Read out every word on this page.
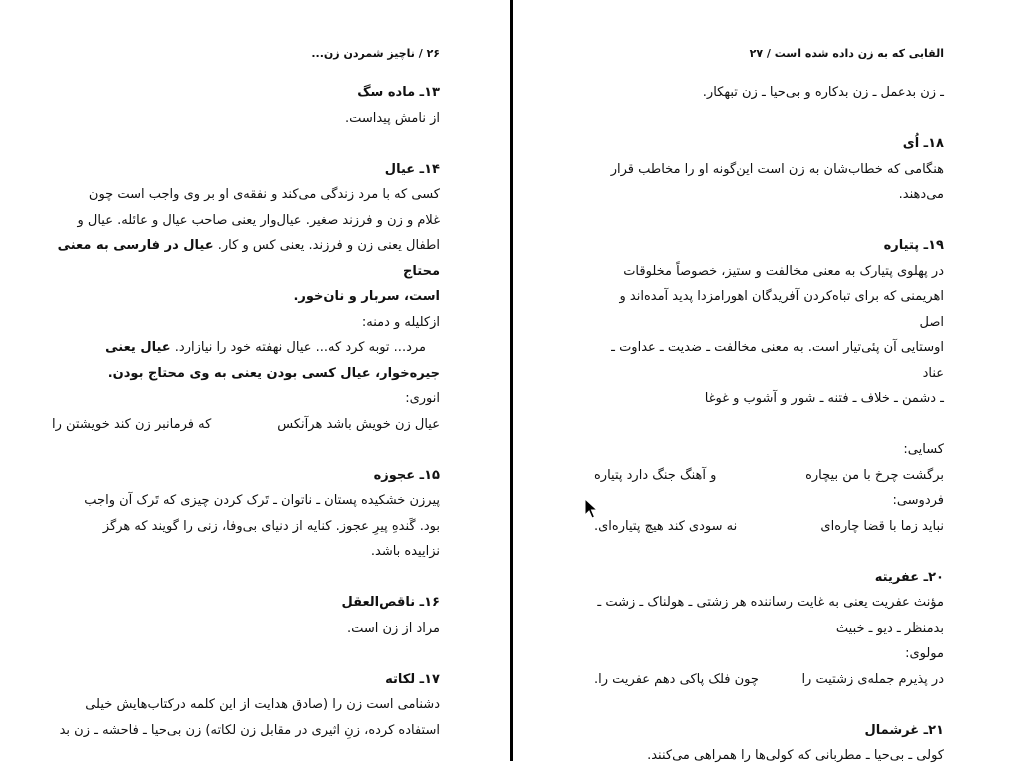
۲۶ / ناچیز شمردن زن...

۱۳ـ ماده سگ

از نامش پیداست.

۱۴ـ عیال

کسی که با مرد زندگی می‌کند و نفقه‌ی او بر وی واجب است چون

غلام و زن و فرزند صغیر. عیال‌وار یعنی صاحب عیال و عائله. عیال و

اطفال یعنی زن و فرزند. یعنی کس و کار. عیال در فارسی به معنی محتاج

است، سربار و نان‌خور.

ازکلیله و دمنه:

مرد... توبه کرد که... عیال نهفته خود را نیازارد. عیال یعنی

جیره‌خوار، عیال کسی بودن یعنی به وی محتاج بودن.

انوری:

عیال زن خویش باشد هرآنکس
که فرمانبر زن کند خویشتن را

۱۵ـ عجوزه

پیرزن خشکیده پستان ـ ناتوان ـ تَرک کردن چیزی که تَرک آن واجب

بود. گَندهِ پیرِ عجوز. کنایه از دنیای بی‌وفا، زنی را گویند که هرگز

نزاییده باشد.

۱۶ـ ناقص‌العقل

مراد از زن است.

۱۷ـ لکاته

دشنامی است زن را (صادق هدایت از این کلمه درکتاب‌هایش خیلی

استفاده کرده، زنِ اثیری در مقابل زن لکاته) زن بی‌حیا ـ فاحشه ـ زن بد

القابی که به زن داده شده است / ۲۷

ـ زن بدعمل ـ زن بدکاره و بی‌حیا ـ زن تبهکار.

۱۸ـ اُی

هنگامی که خطاب‌شان به زن است این‌گونه او را مخاطب قرار

می‌دهند.

۱۹ـ پتیاره

در پهلوی پتیارک به معنی مخالفت و ستیز، خصوصاً مخلوقات

اهریمنی که برای تباه‌کردن آفریدگان اهورامزدا پدید آمده‌اند و اصل

اوستایی آن پئی‌تیار است. به معنی مخالفت ـ ضدیت ـ عداوت ـ عناد

ـ دشمن ـ خلاف ـ فتنه ـ شور و آشوب و غوغا

کسایی:

برگشت چرخ با من بیچاره
و آهنگ جنگ دارد پتیاره

فردوسی:

نباید زما با قضا چاره‌ای
نه سودی کند هیچ پتیاره‌ای.

۲۰ـ عفریته

مؤنث عفریت یعنی به غایت رساننده هر زشتی ـ هولناک ـ زشت ـ

بدمنظر ـ دیو ـ خبیث

مولوی:

در پذیرم جمله‌ی زشتیت را
چون فلک پاکی دهم عفریت را.

۲۱ـ غرشمال

کولی ـ بی‌حیا ـ مطربانی که کولی‌ها را همراهی می‌کنند.
